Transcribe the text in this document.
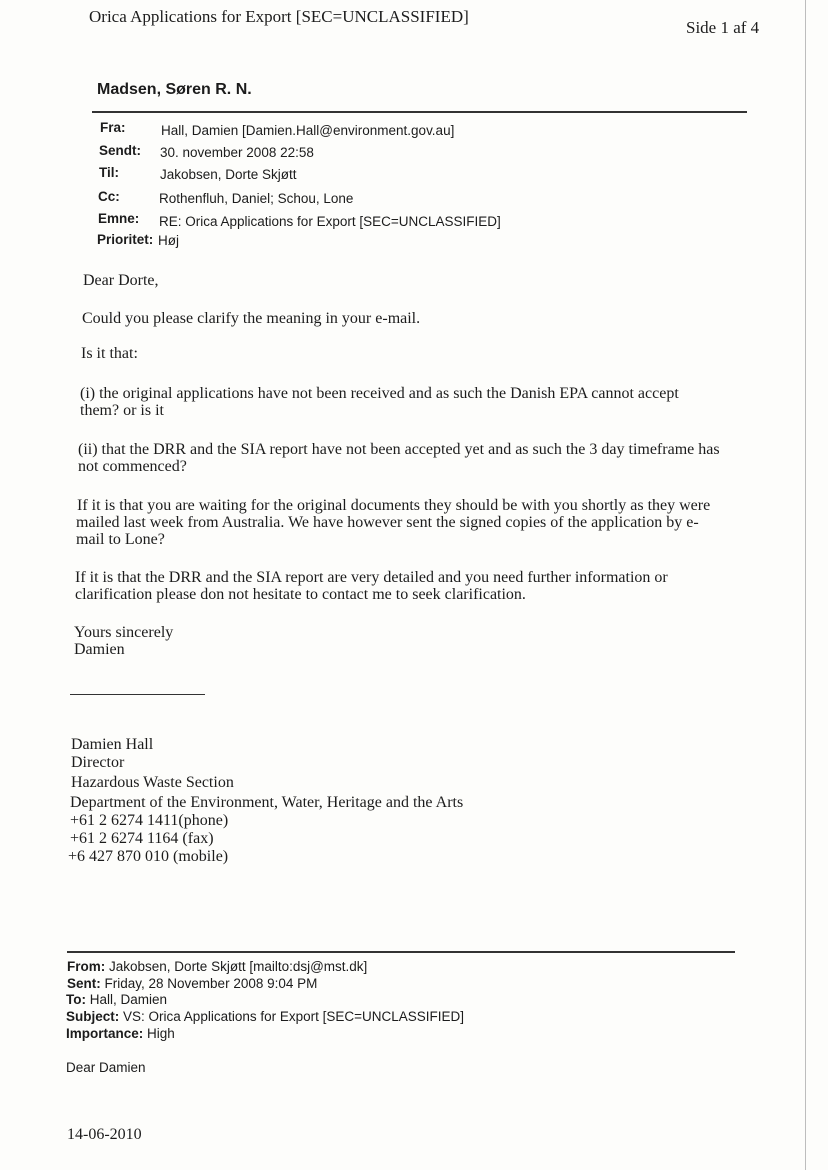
Orica Applications for Export [SEC=UNCLASSIFIED]
Side 1 af 4
Madsen, Søren R. N.
Fra:	Hall, Damien [Damien.Hall@environment.gov.au]
Sendt: 30. november 2008 22:58
Til:	Jakobsen, Dorte Skjøtt
Cc:	Rothenfluh, Daniel; Schou, Lone
Emne: RE: Orica Applications for Export [SEC=UNCLASSIFIED]
Prioritet: Høj
Dear Dorte,
Could you please clarify the meaning in your e-mail.
Is it that:
(i) the original applications have not been received and as such the Danish EPA cannot accept
them? or is it
(ii) that the DRR and the SIA report have not been accepted yet and as such the 3 day timeframe has
not commenced?
If it is that you are waiting for the original documents they should be with you shortly as they were
mailed last week from Australia. We have however sent the signed copies of the application by e-
mail to Lone?
If it is that the DRR and the SIA report are very detailed and you need further information or
clarification please don not hesitate to contact me to seek clarification.
Yours sincerely
Damien
Damien Hall
Director
Hazardous Waste Section
Department of the Environment, Water, Heritage and the Arts
+61 2 6274 1411(phone)
+61 2 6274 1164 (fax)
+6 427 870 010 (mobile)
From: Jakobsen, Dorte Skjøtt [mailto:dsj@mst.dk]
Sent: Friday, 28 November 2008 9:04 PM
To: Hall, Damien
Subject: VS: Orica Applications for Export [SEC=UNCLASSIFIED]
Importance: High
Dear Damien
14-06-2010
